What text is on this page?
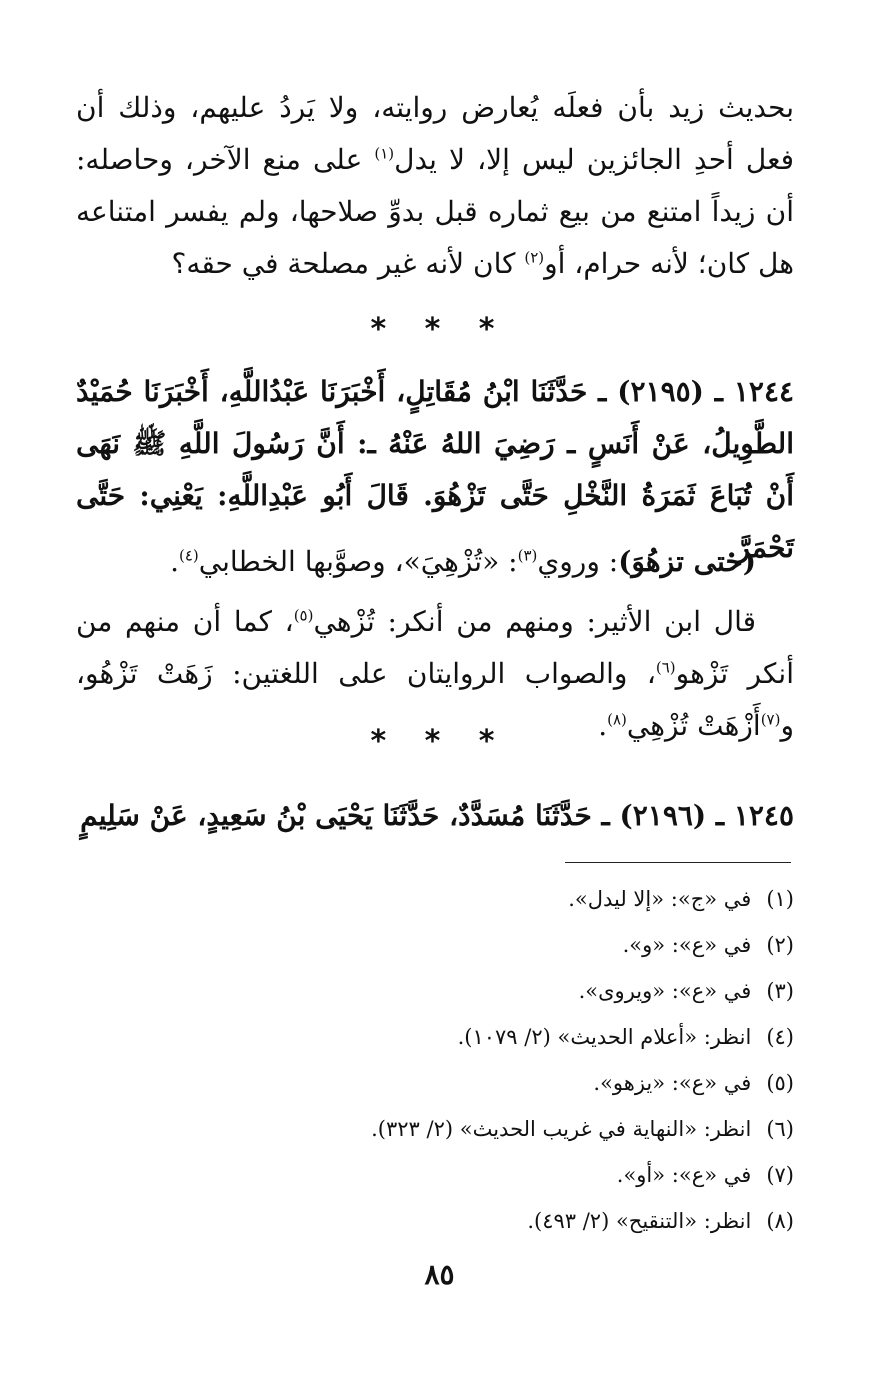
بحديث زيد بأن فعلَه يُعارض روايته، ولا يَردُ عليهم، وذلك أن فعل أحدِ الجائزين ليس إلا، لا يدل$^{(١)}$ على منع الآخر، وحاصله: أن زيداً امتنع من بيع ثماره قبل بدوِّ صلاحها، ولم يفسر امتناعه هل كان؛ لأنه حرام، أو$^{(٢)}$ كان لأنه غير مصلحة في حقه؟
* * *
١٢٤٤ ـ (٢١٩٥) ـ حَدَّثَنَا ابْنُ مُقَاتِلٍ، أَخْبَرَنَا عَبْدُاللَّهِ، أَخْبَرَنَا حُمَيْدٌ الطَّوِيلُ، عَنْ أَنَسٍ ـ رَضِيَ اللهُ عَنْهُ ـ: أَنَّ رَسُولَ اللَّهِ ﷺ نَهَى أَنْ تُبَاعَ ثَمَرَةُ النَّخْلِ حَتَّى تَزْهُوَ. قَالَ أَبُو عَبْدِاللَّهِ: يَعْنِي: حَتَّى تَحْمَرَّ.
(حتى تزهُوَ): وروي$^{(٣)}$: «تُزْهِيَ»، وصوَّبها الخطابي$^{(٤)}$.
قال ابن الأثير: ومنهم من أنكر: تُزْهي$^{(٥)}$، كما أن منهم من أنكر تَزْهو$^{(٦)}$، والصواب الروايتان على اللغتين: زَهَتْ تَزْهُو، و$^{(٧)}$أَزْهَتْ تُزْهِي$^{(٨)}$.
* * *
١٢٤٥ ـ (٢١٩٦) ـ حَدَّثَنَا مُسَدَّدٌ، حَدَّثَنَا يَحْيَى بْنُ سَعِيدٍ، عَنْ سَلِيمٍ
(١) في «ج»: «إلا ليدل».
(٢) في «ع»: «و».
(٣) في «ع»: «ويروى».
(٤) انظر: «أعلام الحديث» (٢/ ١٠٧٩).
(٥) في «ع»: «يزهو».
(٦) انظر: «النهاية في غريب الحديث» (٢/ ٣٢٣).
(٧) في «ع»: «أو».
(٨) انظر: «التنقيح» (٢/ ٤٩٣).
٨٥
